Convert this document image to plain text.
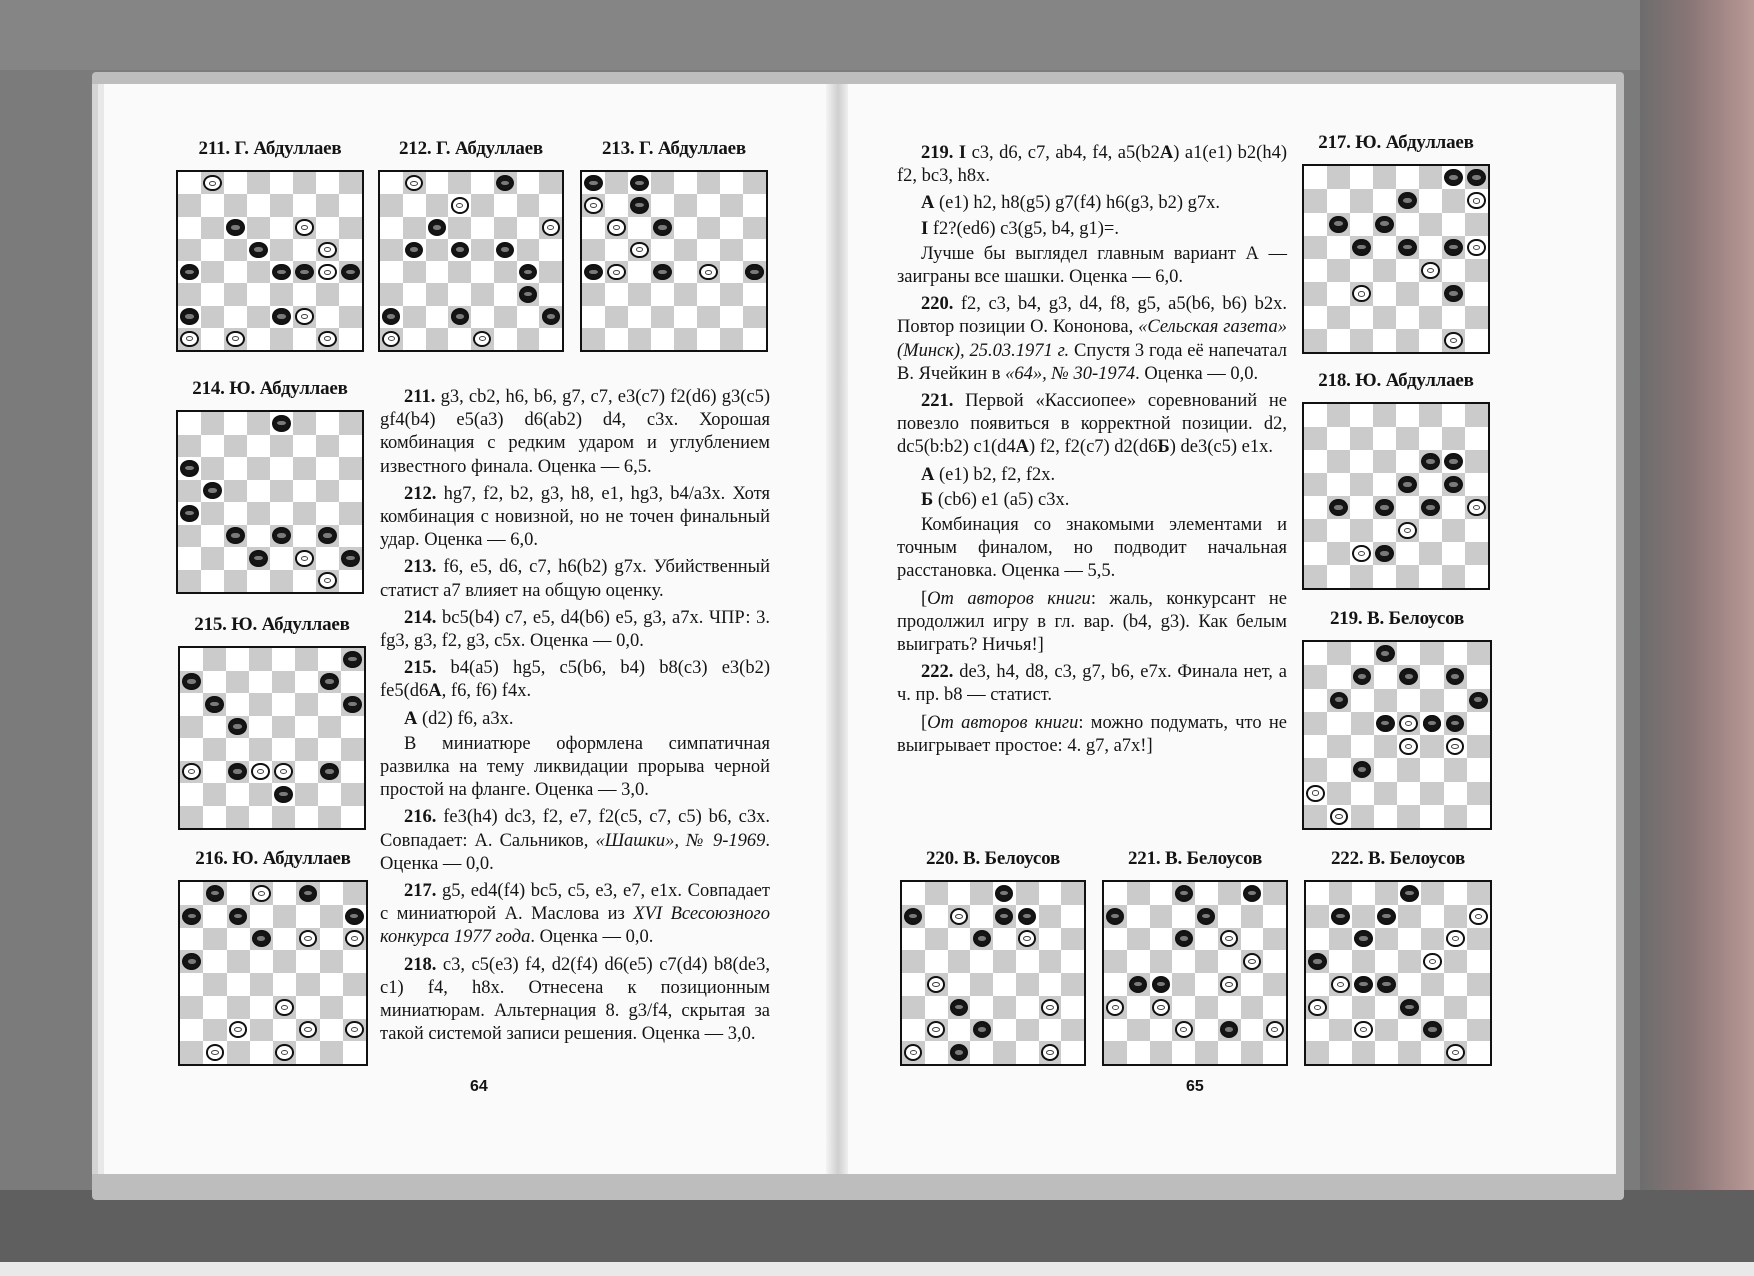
211. Г. Абдуллаев	212. Г. Абдуллаев	213. Г. Абдуллаев
214. Ю. Абдуллаев
215. Ю. Абдуллаев
216. Ю. Абдуллаев
217. Ю. Абдуллаев
218. Ю. Абдуллаев
219. В. Белоусов
220. В. Белоусов	221. В. Белоусов	222. В. Белоусов

211. g3, cb2, h6, b6, g7, c7, e3(c7) f2(d6) g3(c5) gf4(b4) e5(a3) d6(ab2) d4, c3x. Хорошая комбинация с редким ударом и углублением известного финала. Оценка — 6,5.

212. hg7, f2, b2, g3, h8, e1, hg3, b4/a3x. Хотя комбинация с новизной, но не точен финальный удар. Оценка — 6,0.

213. f6, e5, d6, c7, h6(b2) g7x. Убийственный статист а7 влияет на общую оценку.

214. bc5(b4) c7, e5, d4(b6) e5, g3, a7x. ЧПР: 3. fg3, g3, f2, g3, c5x. Оценка — 0,0.

215. b4(a5) hg5, c5(b6, b4) b8(c3) e3(b2) fe5(d6A, f6, f6) f4x.

A (d2) f6, a3x.

В миниатюре оформлена симпатичная развилка на тему ликвидации прорыва черной простой на фланге. Оценка — 3,0.

216. fe3(h4) dc3, f2, e7, f2(c5, c7, c5) b6, c3x. Совпадает: А. Сальников, «Шашки», № 9-1969. Оценка — 0,0.

217. g5, ed4(f4) bc5, c5, e3, e7, e1x. Совпадает с миниатюрой А. Маслова из XVI Всесоюзного конкурса 1977 года. Оценка — 0,0.

218. c3, c5(e3) f4, d2(f4) d6(e5) c7(d4) b8(de3, c1) f4, h8x. Отнесена к позиционным миниатюрам. Альтернация 8. g3/f4, скрытая за такой системой записи решения. Оценка — 3,0.

219. I c3, d6, c7, ab4, f4, a5(b2A) a1(e1) b2(h4) f2, bc3, h8x.

A (e1) h2, h8(g5) g7(f4) h6(g3, b2) g7x.

I f2?(ed6) c3(g5, b4, g1)=.

Лучше бы выглядел главным вариант А — заиграны все шашки. Оценка — 6,0.

220. f2, c3, b4, g3, d4, f8, g5, a5(b6, b6) b2x. Повтор позиции О. Кононова, «Сельская газета» (Минск), 25.03.1971 г. Спустя 3 года её напечатал В. Ячейкин в «64», № 30-1974. Оценка — 0,0.

221. Первой «Кассиопее» соревнований не повезло появиться в корректной позиции. d2, dc5(b:b2) c1(d4A) f2, f2(c7) d2(d6Б) de3(c5) e1x.

A (e1) b2, f2, f2x.

Б (cb6) e1 (a5) c3x.

Комбинация со знакомыми элементами и точным финалом, но подводит начальная расстановка. Оценка — 5,5.

[От авторов книги: жаль, конкурсант не продолжил игру в гл. вар. (b4, g3). Как белым выиграть? Ничья!]

222. de3, h4, d8, c3, g7, b6, e7x. Финала нет, а ч. пр. b8 — статист.

[От авторов книги: можно подумать, что не выигрывает простое: 4. g7, a7x!]

64	65
